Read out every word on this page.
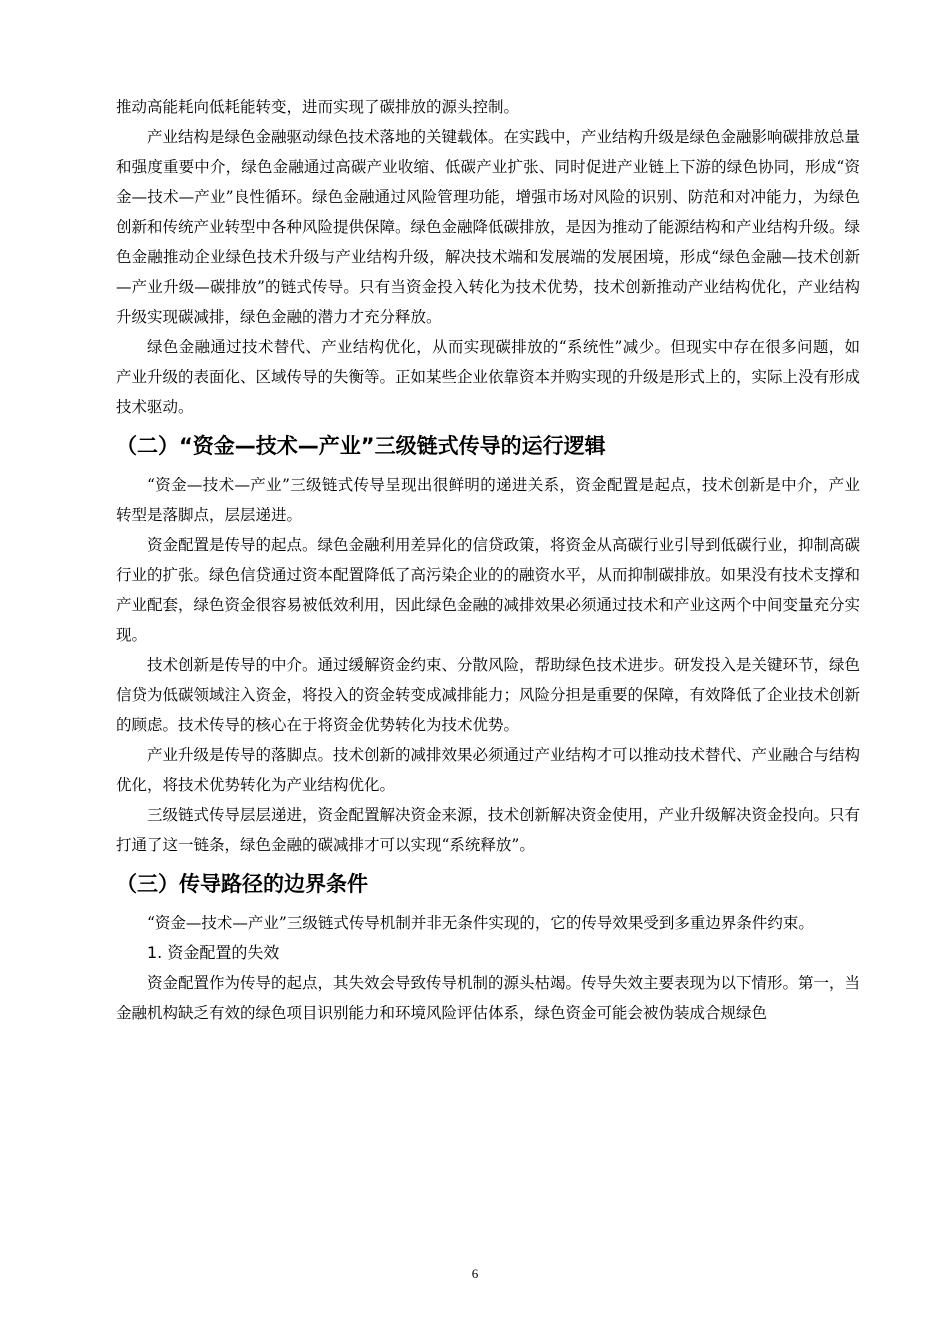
推动高能耗向低耗能转变，进而实现了碳排放的源头控制。

产业结构是绿色金融驱动绿色技术落地的关键载体。在实践中，产业结构升级是绿色金融影响碳排放总量和强度重要中介，绿色金融通过高碳产业收缩、低碳产业扩张、同时促进产业链上下游的绿色协同，形成“资金—技术—产业”良性循环。绿色金融通过风险管理功能，增强市场对风险的识别、防范和对冲能力，为绿色创新和传统产业转型中各种风险提供保障。绿色金融降低碳排放，是因为推动了能源结构和产业结构升级。绿色金融推动企业绿色技术升级与产业结构升级，解决技术端和发展端的发展困境，形成“绿色金融—技术创新—产业升级—碳排放”的链式传导。只有当资金投入转化为技术优势，技术创新推动产业结构优化，产业结构升级实现碳减排，绿色金融的潜力才充分释放。

绿色金融通过技术替代、产业结构优化，从而实现碳排放的“系统性”减少。但现实中存在很多问题，如产业升级的表面化、区域传导的失衡等。正如某些企业依靠资本并购实现的升级是形式上的，实际上没有形成技术驱动。

（二）“资金—技术—产业”三级链式传导的运行逻辑

“资金—技术—产业”三级链式传导呈现出很鲜明的递进关系，资金配置是起点，技术创新是中介，产业转型是落脚点，层层递进。

资金配置是传导的起点。绿色金融利用差异化的信贷政策，将资金从高碳行业引导到低碳行业，抑制高碳行业的扩张。绿色信贷通过资本配置降低了高污染企业的的融资水平，从而抑制碳排放。如果没有技术支撑和产业配套，绿色资金很容易被低效利用，因此绿色金融的减排效果必须通过技术和产业这两个中间变量充分实现。

技术创新是传导的中介。通过缓解资金约束、分散风险，帮助绿色技术进步。研发投入是关键环节，绿色信贷为低碳领域注入资金，将投入的资金转变成减排能力；风险分担是重要的保障，有效降低了企业技术创新的顾虑。技术传导的核心在于将资金优势转化为技术优势。

产业升级是传导的落脚点。技术创新的减排效果必须通过产业结构才可以推动技术替代、产业融合与结构优化，将技术优势转化为产业结构优化。

三级链式传导层层递进，资金配置解决资金来源，技术创新解决资金使用，产业升级解决资金投向。只有打通了这一链条，绿色金融的碳减排才可以实现“系统释放”。

（三）传导路径的边界条件

“资金—技术—产业”三级链式传导机制并非无条件实现的，它的传导效果受到多重边界条件约束。

1. 资金配置的失效

资金配置作为传导的起点，其失效会导致传导机制的源头枯竭。传导失效主要表现为以下情形。第一，当金融机构缺乏有效的绿色项目识别能力和环境风险评估体系，绿色资金可能会被伪装成合规绿色

6
